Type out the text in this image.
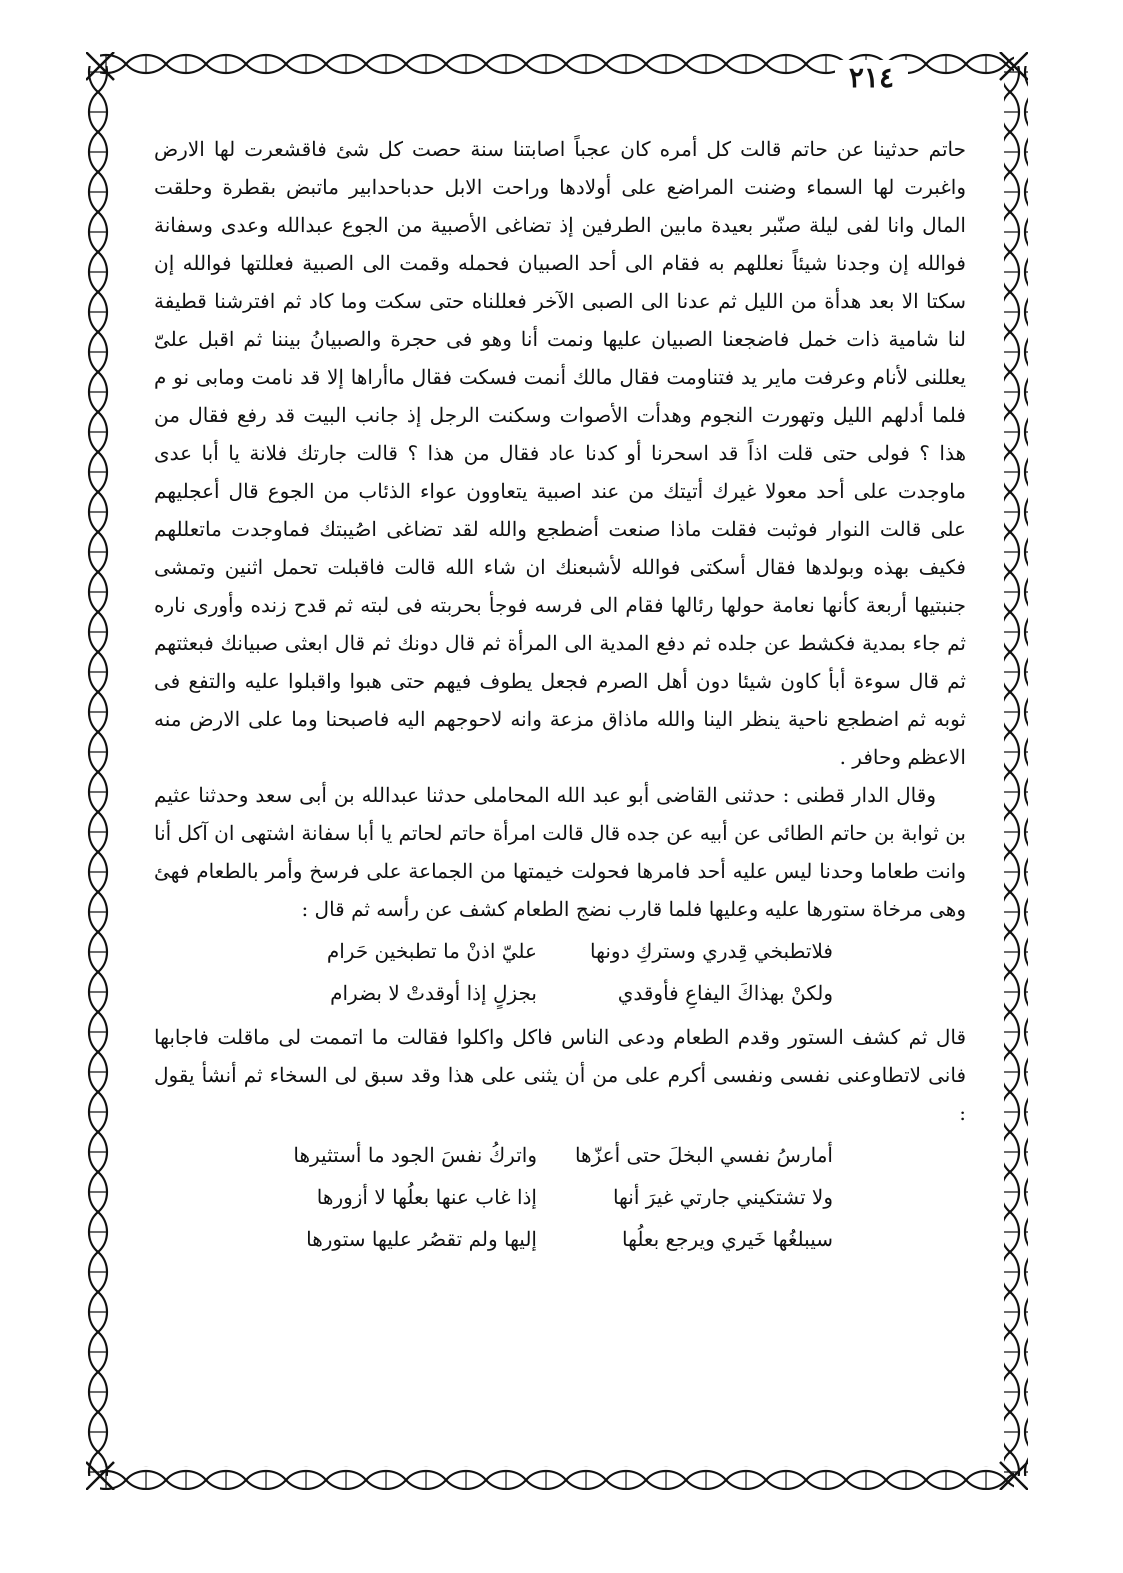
٢١٤

حاتم حدثينا عن حاتم قالت كل أمره كان عجباً اصابتنا سنة حصت كل شئ فاقشعرت لها الارض واغبرت لها السماء وضنت المراضع على أولادها وراحت الابل حدباحدابير ماتبض بقطرة وحلقت المال وانا لفى ليلة صنّبر بعيدة مابين الطرفين إذ تضاغى الأصبية من الجوع عبدالله وعدى وسفانة فوالله إن وجدنا شيئاً نعللهم به فقام الى أحد الصبيان فحمله وقمت الى الصبية فعللتها فوالله إن سكتا الا بعد هدأة من الليل ثم عدنا الى الصبى الآخر فعللناه حتى سكت وما كاد ثم افترشنا قطيفة لنا شامية ذات خمل فاضجعنا الصبيان عليها ونمت أنا وهو فى حجرة والصبيانُ بيننا ثم اقبل علىّ يعللنى لأنام وعرفت ماير يد فتناومت فقال مالك أنمت فسكت فقال ماأراها إلا قد نامت ومابى نو م فلما أدلهم الليل وتهورت النجوم وهدأت الأصوات وسكنت الرجل إذ جانب البيت قد رفع فقال من هذا ؟ فولى حتى قلت اذاً قد اسحرنا أو كدنا عاد فقال من هذا ؟ قالت جارتك فلانة يا أبا عدى ماوجدت على أحد معولا غيرك أتيتك من عند اصبية يتعاوون عواء الذئاب من الجوع قال أعجليهم على قالت النوار فوثبت فقلت ماذا صنعت أضطجع والله لقد تضاغى اصُيبتك فماوجدت ماتعللهم فكيف بهذه وبولدها فقال أسكتى فوالله لأشبعنك ان شاء الله قالت فاقبلت تحمل اثنين وتمشى جنبتيها أربعة كأنها نعامة حولها رئالها فقام الى فرسه فوجأ بحربته فى لبته ثم قدح زنده وأورى ناره ثم جاء بمدية فكشط عن جلده ثم دفع المدية الى المرأة ثم قال دونك ثم قال ابعثى صبيانك فبعثتهم ثم قال سوءة أبأ كاون شيئا دون أهل الصرم فجعل يطوف فيهم حتى هبوا واقبلوا عليه والتفع فى ثوبه ثم اضطجع ناحية ينظر الينا والله ماذاق مزعة وانه لاحوجهم اليه فاصبحنا وما على الارض منه الاعظم وحافر .

وقال الدار قطنى : حدثنى القاضى أبو عبد الله المحاملى حدثنا عبدالله بن أبى سعد وحدثنا عثيم بن ثوابة بن حاتم الطائى عن أبيه عن جده قال قالت امرأة حاتم لحاتم يا أبا سفانة اشتهى ان آكل أنا وانت طعاما وحدنا ليس عليه أحد فامرها فحولت خيمتها من الجماعة على فرسخ وأمر بالطعام فهئ وهى مرخاة ستورها عليه وعليها فلما قارب نضج الطعام كشف عن رأسه ثم قال :

فلاتطبخي قِدري وستركِ دونها
عليّ اذنْ ما تطبخين حَرام
ولكنْ بهذاكَ اليفاعِ فأوقدي
بجزلٍ إذا أوقدتْ لا بضرام

قال ثم كشف الستور وقدم الطعام ودعى الناس فاكل واكلوا فقالت ما اتممت لى ماقلت فاجابها فانى لاتطاوعنى نفسى ونفسى أكرم على من أن يثنى على هذا وقد سبق لى السخاء ثم أنشأ يقول :

أمارسُ نفسي البخلَ حتى أعزّها
واتركُ نفسَ الجود ما أستثيرها
ولا تشتكيني جارتي غيرَ أنها
إذا غاب عنها بعلُها لا أزورها
سيبلغُها خَيري ويرجع بعلُها
إليها ولم تقصُر عليها ستورها
